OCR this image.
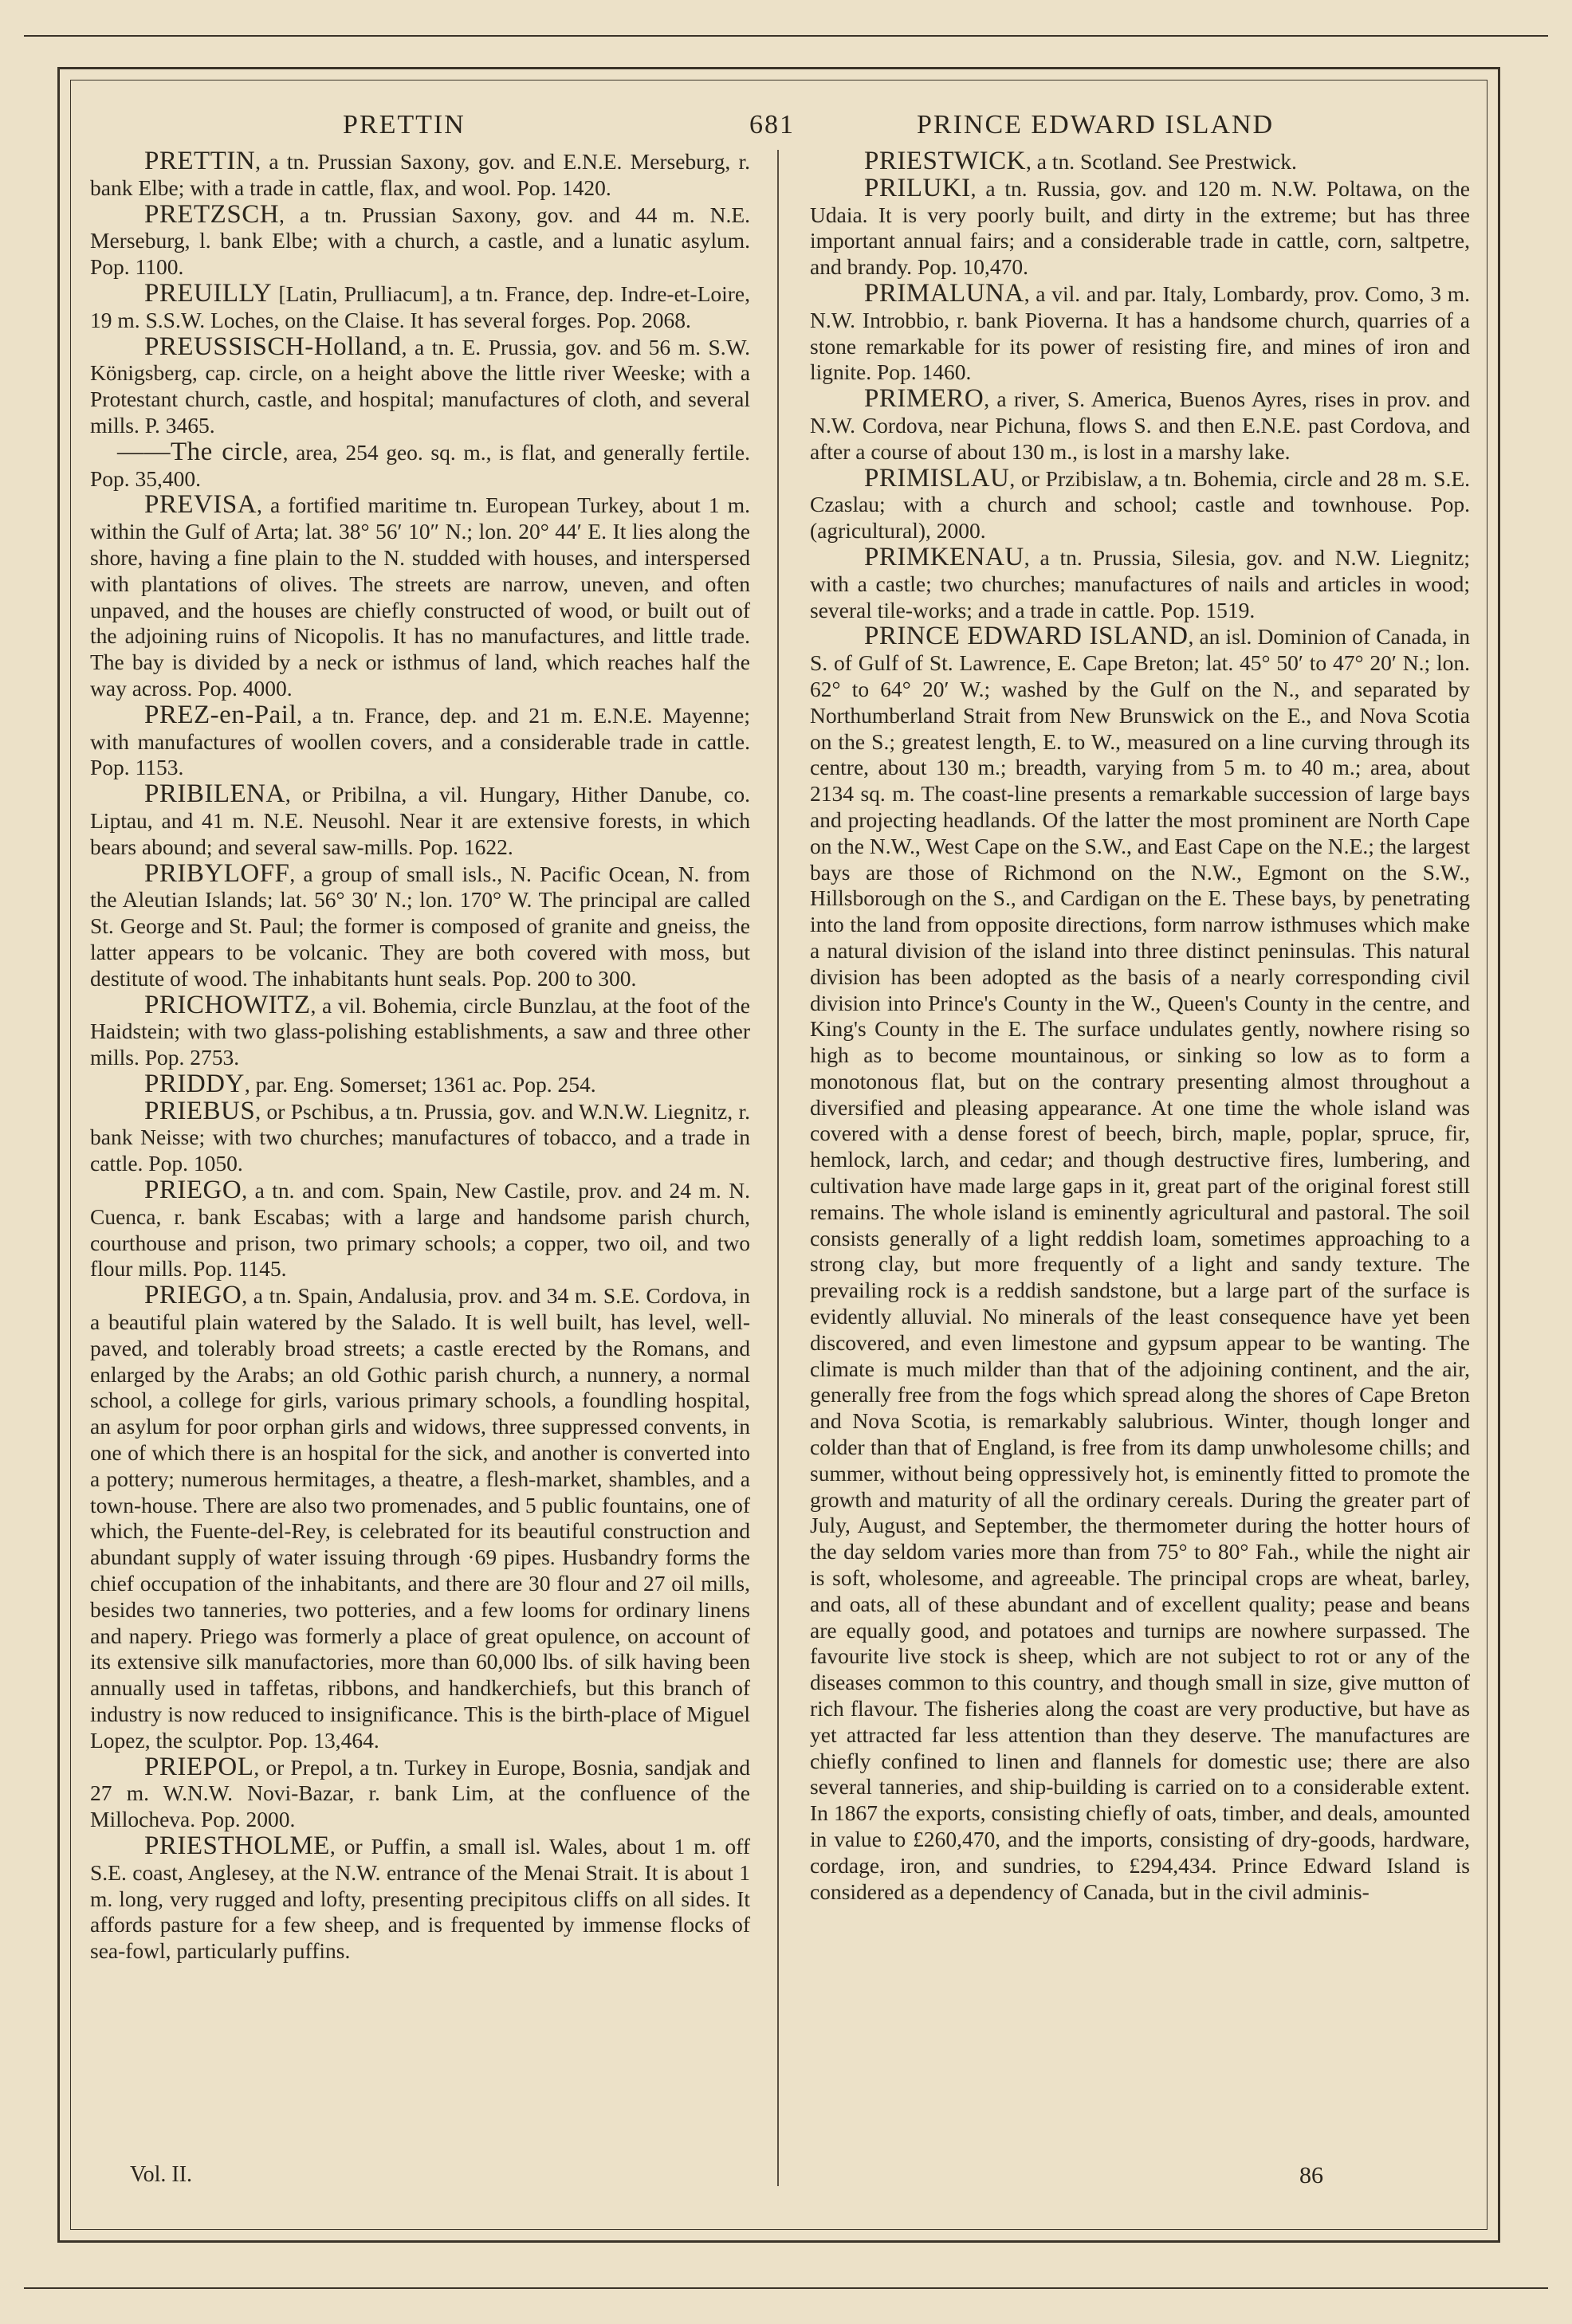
PRETTIN	681	PRINCE EDWARD ISLAND

PRETTIN, a tn. Prussian Saxony, gov. and E.N.E. Merseburg, r. bank Elbe; with a trade in cattle, flax, and wool. Pop. 1420.

PRETZSCH, a tn. Prussian Saxony, gov. and 44 m. N.E. Merseburg, l. bank Elbe; with a church, a castle, and a lunatic asylum. Pop. 1100.

PREUILLY [Latin, Prulliacum], a tn. France, dep. Indre-et-Loire, 19 m. S.S.W. Loches, on the Claise. It has several forges. Pop. 2068.

PREUSSISCH-Holland, a tn. E. Prussia, gov. and 56 m. S.W. Königsberg, cap. circle, on a height above the little river Weeske; with a Protestant church, castle, and hospital; manufactures of cloth, and several mills. P. 3465.

——The circle, area, 254 geo. sq. m., is flat, and generally fertile. Pop. 35,400.

PREVISA, a fortified maritime tn. European Turkey, about 1 m. within the Gulf of Arta; lat. 38° 56′ 10″ N.; lon. 20° 44′ E. It lies along the shore, having a fine plain to the N. studded with houses, and interspersed with plantations of olives. The streets are narrow, uneven, and often unpaved, and the houses are chiefly constructed of wood, or built out of the adjoining ruins of Nicopolis. It has no manufactures, and little trade. The bay is divided by a neck or isthmus of land, which reaches half the way across. Pop. 4000.

PREZ-en-Pail, a tn. France, dep. and 21 m. E.N.E. Mayenne; with manufactures of woollen covers, and a considerable trade in cattle. Pop. 1153.

PRIBILENA, or Pribilna, a vil. Hungary, Hither Danube, co. Liptau, and 41 m. N.E. Neusohl. Near it are extensive forests, in which bears abound; and several saw-mills. Pop. 1622.

PRIBYLOFF, a group of small isls., N. Pacific Ocean, N. from the Aleutian Islands; lat. 56° 30′ N.; lon. 170° W. The principal are called St. George and St. Paul; the former is composed of granite and gneiss, the latter appears to be volcanic. They are both covered with moss, but destitute of wood. The inhabitants hunt seals. Pop. 200 to 300.

PRICHOWITZ, a vil. Bohemia, circle Bunzlau, at the foot of the Haidstein; with two glass-polishing establishments, a saw and three other mills. Pop. 2753.

PRIDDY, par. Eng. Somerset; 1361 ac. Pop. 254.

PRIEBUS, or Pschibus, a tn. Prussia, gov. and W.N.W. Liegnitz, r. bank Neisse; with two churches; manufactures of tobacco, and a trade in cattle. Pop. 1050.

PRIEGO, a tn. and com. Spain, New Castile, prov. and 24 m. N. Cuenca, r. bank Escabas; with a large and handsome parish church, courthouse and prison, two primary schools; a copper, two oil, and two flour mills. Pop. 1145.

PRIEGO, a tn. Spain, Andalusia, prov. and 34 m. S.E. Cordova, in a beautiful plain watered by the Salado. It is well built, has level, well-paved, and tolerably broad streets; a castle erected by the Romans, and enlarged by the Arabs; an old Gothic parish church, a nunnery, a normal school, a college for girls, various primary schools, a foundling hospital, an asylum for poor orphan girls and widows, three suppressed convents, in one of which there is an hospital for the sick, and another is converted into a pottery; numerous hermitages, a theatre, a flesh-market, shambles, and a town-house. There are also two promenades, and 5 public fountains, one of which, the Fuente-del-Rey, is celebrated for its beautiful construction and abundant supply of water issuing through ·69 pipes. Husbandry forms the chief occupation of the inhabitants, and there are 30 flour and 27 oil mills, besides two tanneries, two potteries, and a few looms for ordinary linens and napery. Priego was formerly a place of great opulence, on account of its extensive silk manufactories, more than 60,000 lbs. of silk having been annually used in taffetas, ribbons, and handkerchiefs, but this branch of industry is now reduced to insignificance. This is the birth-place of Miguel Lopez, the sculptor. Pop. 13,464.

PRIEPOL, or Prepol, a tn. Turkey in Europe, Bosnia, sandjak and 27 m. W.N.W. Novi-Bazar, r. bank Lim, at the confluence of the Millocheva. Pop. 2000.

PRIESTHOLME, or Puffin, a small isl. Wales, about 1 m. off S.E. coast, Anglesey, at the N.W. entrance of the Menai Strait. It is about 1 m. long, very rugged and lofty, presenting precipitous cliffs on all sides. It affords pasture for a few sheep, and is frequented by immense flocks of sea-fowl, particularly puffins.

PRIESTWICK, a tn. Scotland. See Prestwick.

PRILUKI, a tn. Russia, gov. and 120 m. N.W. Poltawa, on the Udaia. It is very poorly built, and dirty in the extreme; but has three important annual fairs; and a considerable trade in cattle, corn, saltpetre, and brandy. Pop. 10,470.

PRIMALUNA, a vil. and par. Italy, Lombardy, prov. Como, 3 m. N.W. Introbbio, r. bank Pioverna. It has a handsome church, quarries of a stone remarkable for its power of resisting fire, and mines of iron and lignite. Pop. 1460.

PRIMERO, a river, S. America, Buenos Ayres, rises in prov. and N.W. Cordova, near Pichuna, flows S. and then E.N.E. past Cordova, and after a course of about 130 m., is lost in a marshy lake.

PRIMISLAU, or Przibislaw, a tn. Bohemia, circle and 28 m. S.E. Czaslau; with a church and school; castle and townhouse. Pop. (agricultural), 2000.

PRIMKENAU, a tn. Prussia, Silesia, gov. and N.W. Liegnitz; with a castle; two churches; manufactures of nails and articles in wood; several tile-works; and a trade in cattle. Pop. 1519.

PRINCE EDWARD ISLAND, an isl. Dominion of Canada, in S. of Gulf of St. Lawrence, E. Cape Breton; lat. 45° 50′ to 47° 20′ N.; lon. 62° to 64° 20′ W.; washed by the Gulf on the N., and separated by Northumberland Strait from New Brunswick on the E., and Nova Scotia on the S.; greatest length, E. to W., measured on a line curving through its centre, about 130 m.; breadth, varying from 5 m. to 40 m.; area, about 2134 sq. m. The coast-line presents a remarkable succession of large bays and projecting headlands. Of the latter the most prominent are North Cape on the N.W., West Cape on the S.W., and East Cape on the N.E.; the largest bays are those of Richmond on the N.W., Egmont on the S.W., Hillsborough on the S., and Cardigan on the E. These bays, by penetrating into the land from opposite directions, form narrow isthmuses which make a natural division of the island into three distinct peninsulas. This natural division has been adopted as the basis of a nearly corresponding civil division into Prince's County in the W., Queen's County in the centre, and King's County in the E. The surface undulates gently, nowhere rising so high as to become mountainous, or sinking so low as to form a monotonous flat, but on the contrary presenting almost throughout a diversified and pleasing appearance. At one time the whole island was covered with a dense forest of beech, birch, maple, poplar, spruce, fir, hemlock, larch, and cedar; and though destructive fires, lumbering, and cultivation have made large gaps in it, great part of the original forest still remains. The whole island is eminently agricultural and pastoral. The soil consists generally of a light reddish loam, sometimes approaching to a strong clay, but more frequently of a light and sandy texture. The prevailing rock is a reddish sandstone, but a large part of the surface is evidently alluvial. No minerals of the least consequence have yet been discovered, and even limestone and gypsum appear to be wanting. The climate is much milder than that of the adjoining continent, and the air, generally free from the fogs which spread along the shores of Cape Breton and Nova Scotia, is remarkably salubrious. Winter, though longer and colder than that of England, is free from its damp unwholesome chills; and summer, without being oppressively hot, is eminently fitted to promote the growth and maturity of all the ordinary cereals. During the greater part of July, August, and September, the thermometer during the hotter hours of the day seldom varies more than from 75° to 80° Fah., while the night air is soft, wholesome, and agreeable. The principal crops are wheat, barley, and oats, all of these abundant and of excellent quality; pease and beans are equally good, and potatoes and turnips are nowhere surpassed. The favourite live stock is sheep, which are not subject to rot or any of the diseases common to this country, and though small in size, give mutton of rich flavour. The fisheries along the coast are very productive, but have as yet attracted far less attention than they deserve. The manufactures are chiefly confined to linen and flannels for domestic use; there are also several tanneries, and ship-building is carried on to a considerable extent. In 1867 the exports, consisting chiefly of oats, timber, and deals, amounted in value to £260,470, and the imports, consisting of dry-goods, hardware, cordage, iron, and sundries, to £294,434. Prince Edward Island is considered as a dependency of Canada, but in the civil adminis-

Vol. II.	86
